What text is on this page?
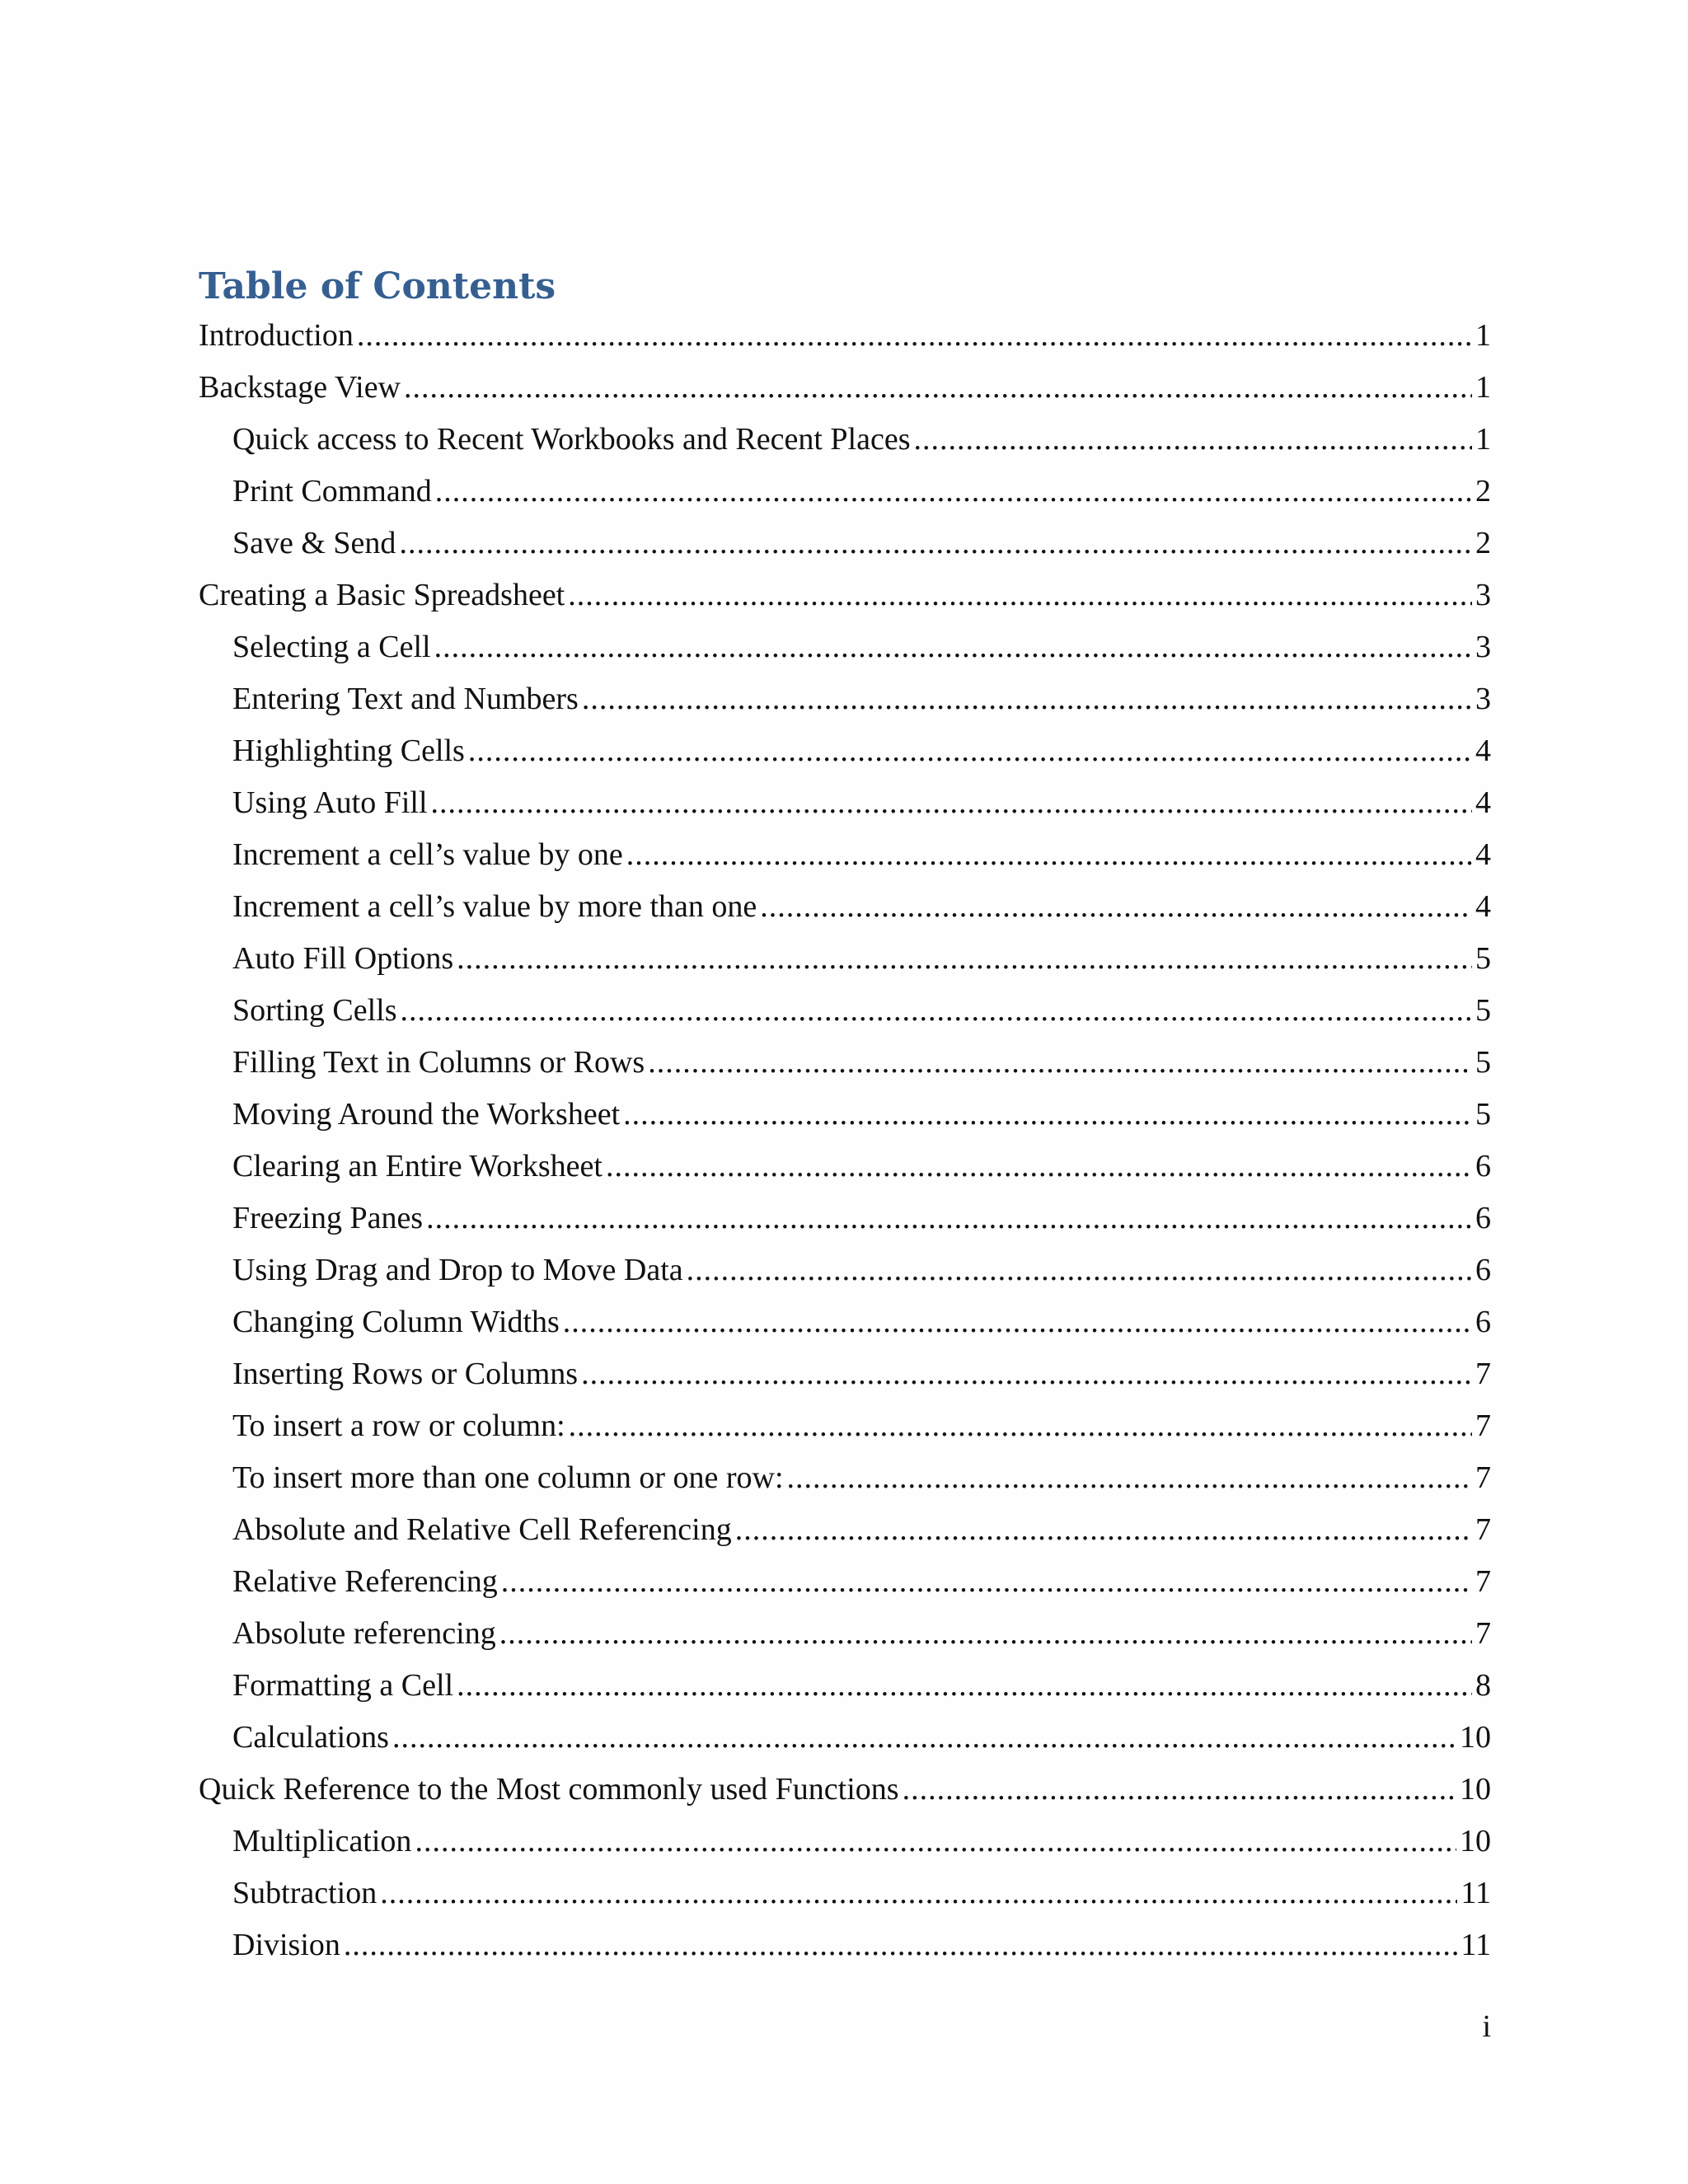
Table of Contents
Introduction .....	1
Backstage View .....	1
Quick access to Recent Workbooks and Recent Places .....	1
Print Command .....	2
Save & Send .....	2
Creating a Basic Spreadsheet .....	3
Selecting a Cell .....	3
Entering Text and Numbers .....	3
Highlighting Cells .....	4
Using Auto Fill .....	4
Increment a cell’s value by one .....	4
Increment a cell’s value by more than one .....	4
Auto Fill Options .....	5
Sorting Cells .....	5
Filling Text in Columns or Rows .....	5
Moving Around the Worksheet .....	5
Clearing an Entire Worksheet .....	6
Freezing Panes .....	6
Using Drag and Drop to Move Data .....	6
Changing Column Widths .....	6
Inserting Rows or Columns .....	7
To insert a row or column: .....	7
To insert more than one column or one row: .....	7
Absolute and Relative Cell Referencing .....	7
Relative Referencing .....	7
Absolute referencing .....	7
Formatting a Cell .....	8
Calculations .....	10
Quick Reference to the Most commonly used Functions .....	10
Multiplication .....	10
Subtraction .....	11
Division .....	11
i
